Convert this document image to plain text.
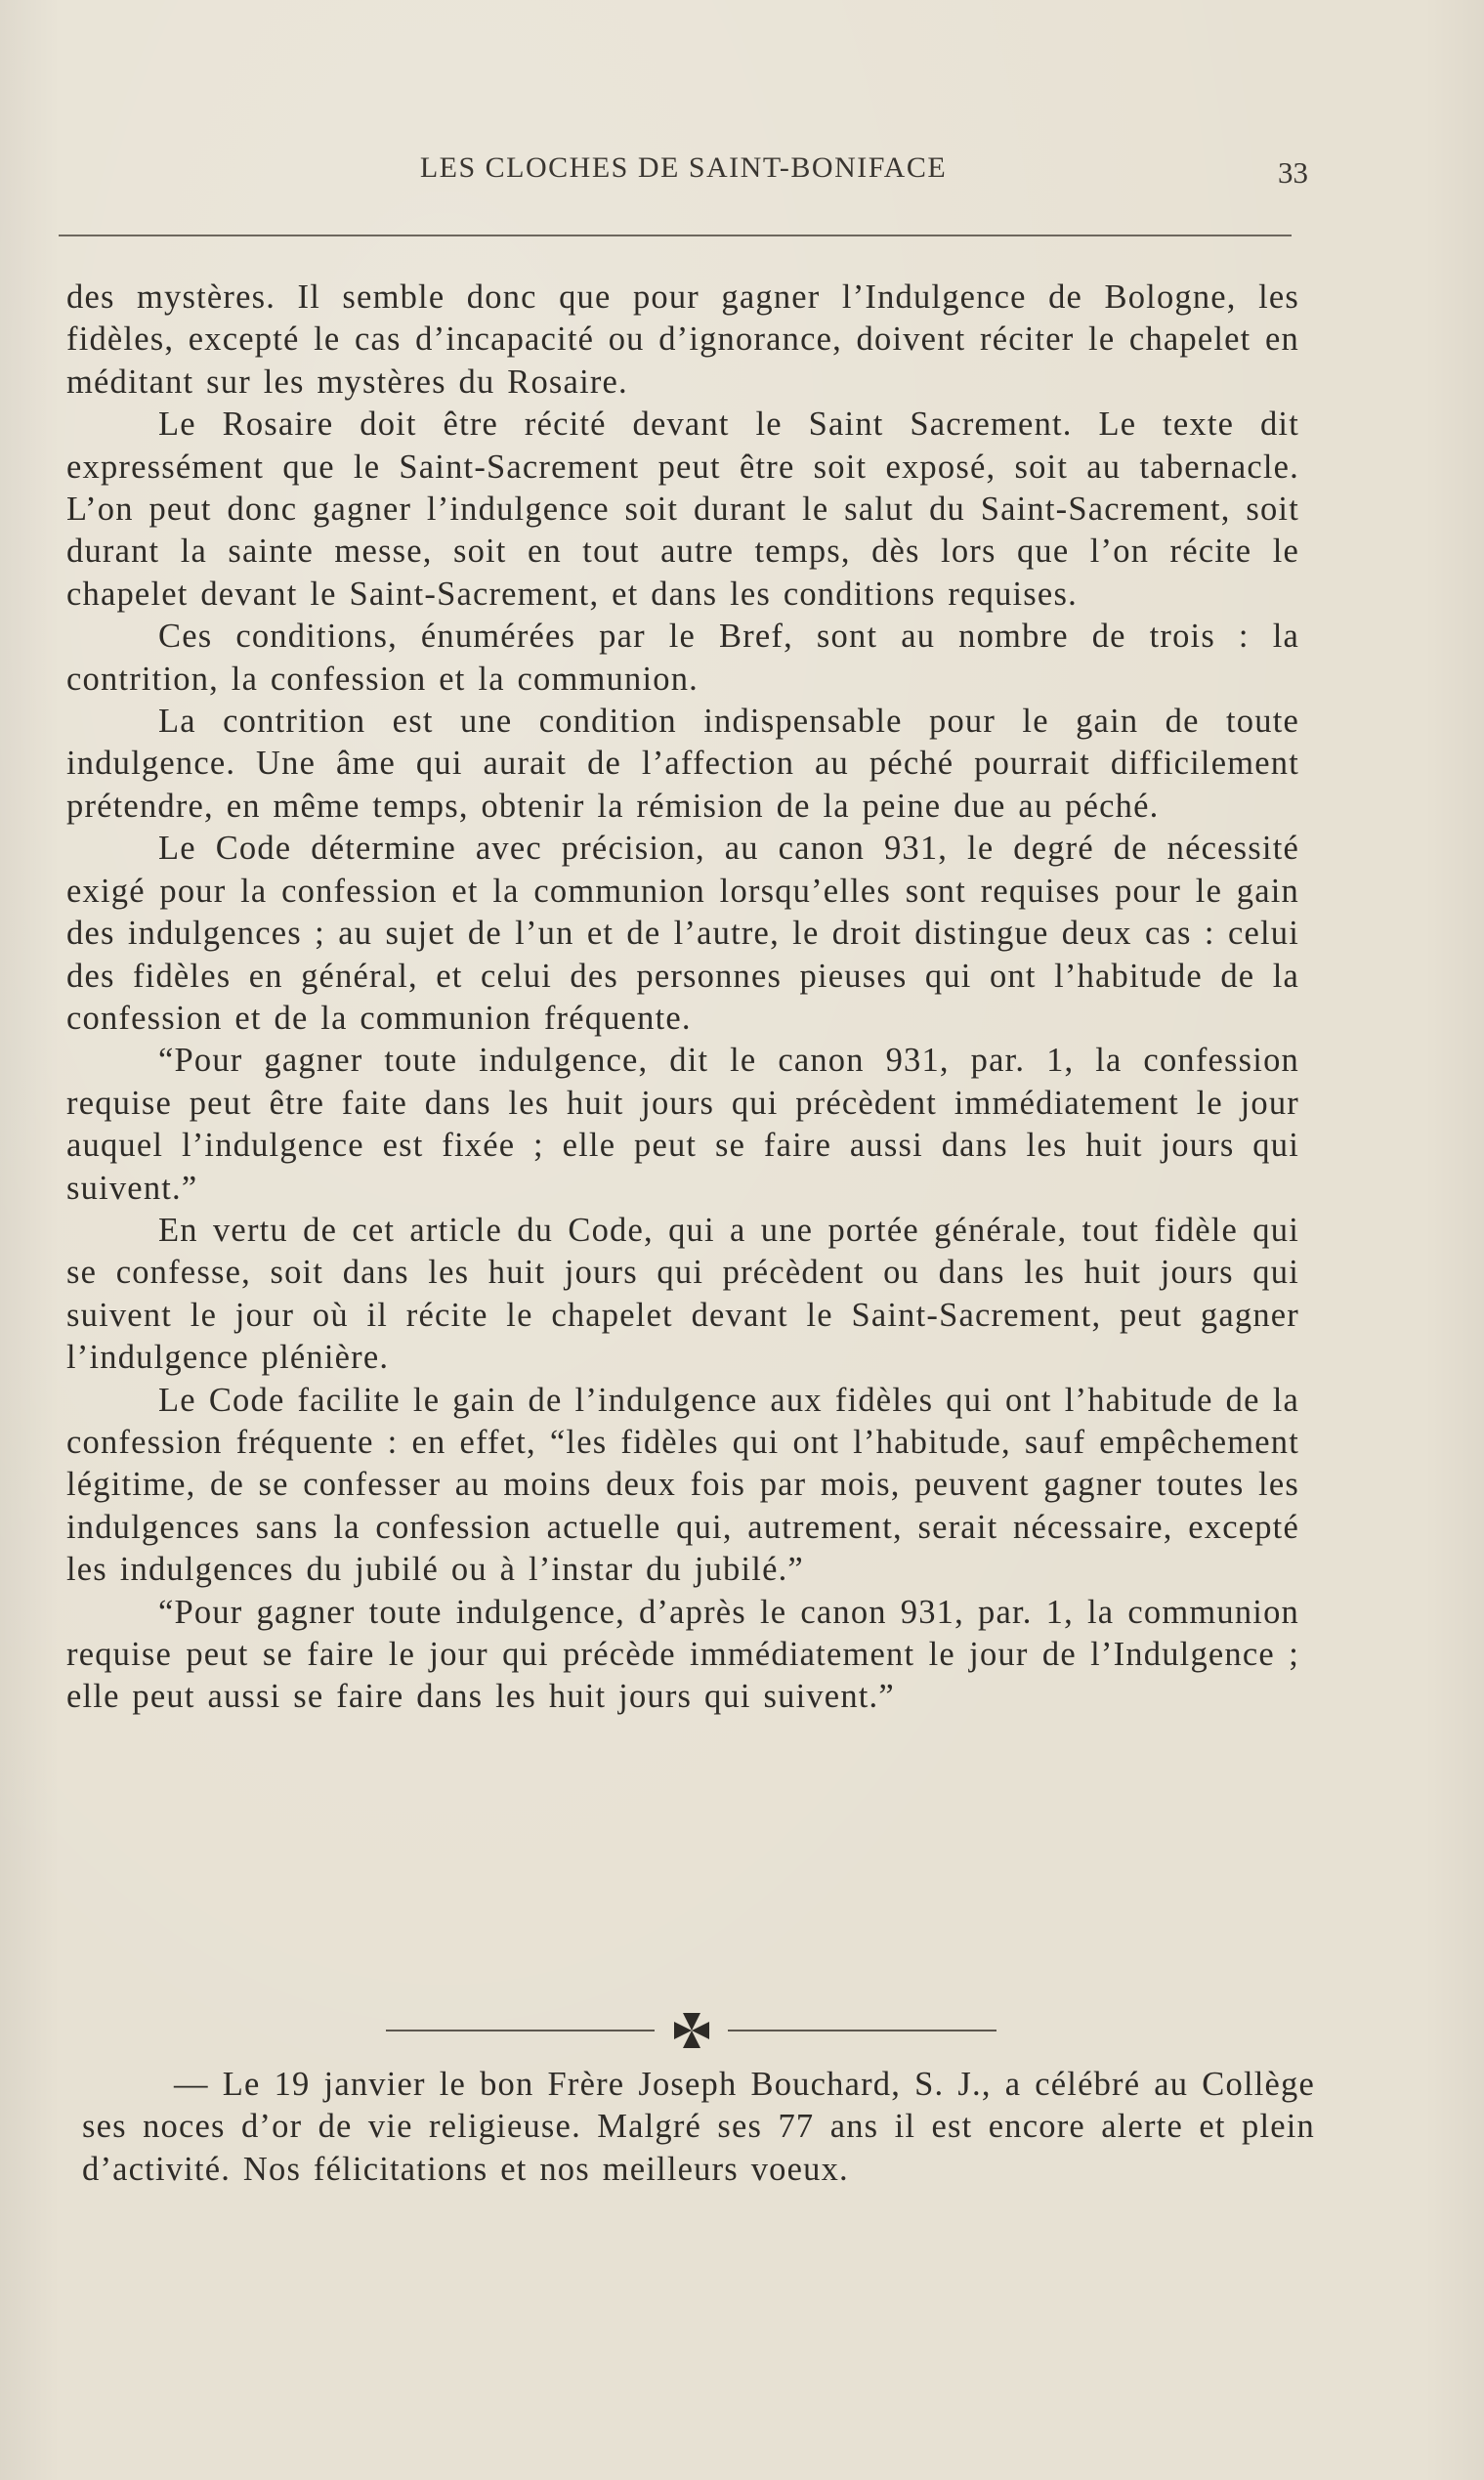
LES CLOCHES DE SAINT-BONIFACE	33

des mystères. Il semble donc que pour gagner l’Indulgence de Bologne, les fidèles, excepté le cas d’incapacité ou d’ignorance, doivent réciter le chapelet en méditant sur les mystères du Rosaire.

Le Rosaire doit être récité devant le Saint Sacrement. Le texte dit expressément que le Saint-Sacrement peut être soit exposé, soit au tabernacle. L’on peut donc gagner l’indulgence soit durant le salut du Saint-Sacrement, soit durant la sainte messe, soit en tout autre temps, dès lors que l’on récite le chapelet devant le Saint-Sacrement, et dans les conditions requises.

Ces conditions, énumérées par le Bref, sont au nombre de trois : la contrition, la confession et la communion.

La contrition est une condition indispensable pour le gain de toute indulgence. Une âme qui aurait de l’affection au péché pourrait difficilement prétendre, en même temps, obtenir la rémision de la peine due au péché.

Le Code détermine avec précision, au canon 931, le degré de nécessité exigé pour la confession et la communion lorsqu’elles sont requises pour le gain des indulgences ; au sujet de l’un et de l’autre, le droit distingue deux cas : celui des fidèles en général, et celui des personnes pieuses qui ont l’habitude de la confession et de la communion fréquente.

“Pour gagner toute indulgence, dit le canon 931, par. 1, la confession requise peut être faite dans les huit jours qui précèdent immédiatement le jour auquel l’indulgence est fixée ; elle peut se faire aussi dans les huit jours qui suivent.”

En vertu de cet article du Code, qui a une portée générale, tout fidèle qui se confesse, soit dans les huit jours qui précèdent ou dans les huit jours qui suivent le jour où il récite le chapelet devant le Saint-Sacrement, peut gagner l’indulgence plénière.

Le Code facilite le gain de l’indulgence aux fidèles qui ont l’habitude de la confession fréquente : en effet, “les fidèles qui ont l’habitude, sauf empêchement légitime, de se confesser au moins deux fois par mois, peuvent gagner toutes les indulgences sans la confession actuelle qui, autrement, serait nécessaire, excepté les indulgences du jubilé ou à l’instar du jubilé.”

“Pour gagner toute indulgence, d’après le canon 931, par. 1, la communion requise peut se faire le jour qui précède immédiatement le jour de l’Indulgence ; elle peut aussi se faire dans les huit jours qui suivent.”

— Le 19 janvier le bon Frère Joseph Bouchard, S. J., a célébré au Collège ses noces d’or de vie religieuse. Malgré ses 77 ans il est encore alerte et plein d’activité. Nos félicitations et nos meilleurs voeux.
